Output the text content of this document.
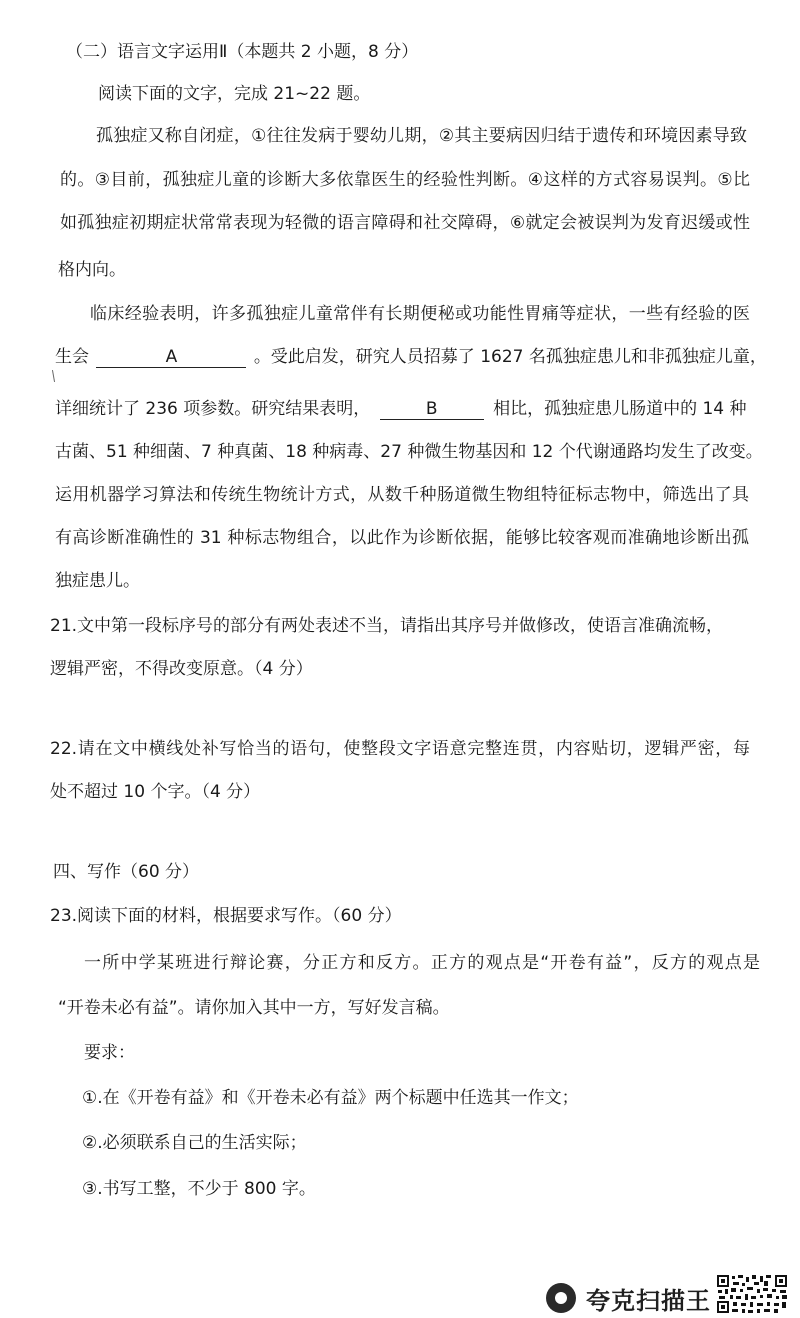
（二）语言文字运用Ⅱ（本题共 2 小题，8 分）
阅读下面的文字，完成 21~22 题。
孤独症又称自闭症，①往往发病于婴幼儿期，②其主要病因归结于遗传和环境因素导致
的。③目前，孤独症儿童的诊断大多依靠医生的经验性判断。④这样的方式容易误判。⑤比
如孤独症初期症状常常表现为轻微的语言障碍和社交障碍，⑥就定会被误判为发育迟缓或性
格内向。
临床经验表明，许多孤独症儿童常伴有长期便秘或功能性胃痛等症状，一些有经验的医
生会	A	。受此启发，研究人员招募了 1627 名孤独症患儿和非孤独症儿童，
详细统计了 236 项参数。研究结果表明，	B	相比，孤独症患儿肠道中的 14 种
古菌、51 种细菌、7 种真菌、18 种病毒、27 种微生物基因和 12 个代谢通路均发生了改变。
运用机器学习算法和传统生物统计方式，从数千种肠道微生物组特征标志物中，筛选出了具
有高诊断准确性的 31 种标志物组合，以此作为诊断依据，能够比较客观而准确地诊断出孤
独症患儿。
21.文中第一段标序号的部分有两处表述不当，请指出其序号并做修改，使语言准确流畅，
逻辑严密，不得改变原意。（4 分）
22.请在文中横线处补写恰当的语句，使整段文字语意完整连贯，内容贴切，逻辑严密，每
处不超过 10 个字。（4 分）
四、写作（60 分）
23.阅读下面的材料，根据要求写作。（60 分）
一所中学某班进行辩论赛，分正方和反方。正方的观点是“开卷有益”，反方的观点是
“开卷未必有益”。请你加入其中一方，写好发言稿。
要求：
①.在《开卷有益》和《开卷未必有益》两个标题中任选其一作文；
②.必须联系自己的生活实际；
③.书写工整，不少于 800 字。
夸克扫描王
